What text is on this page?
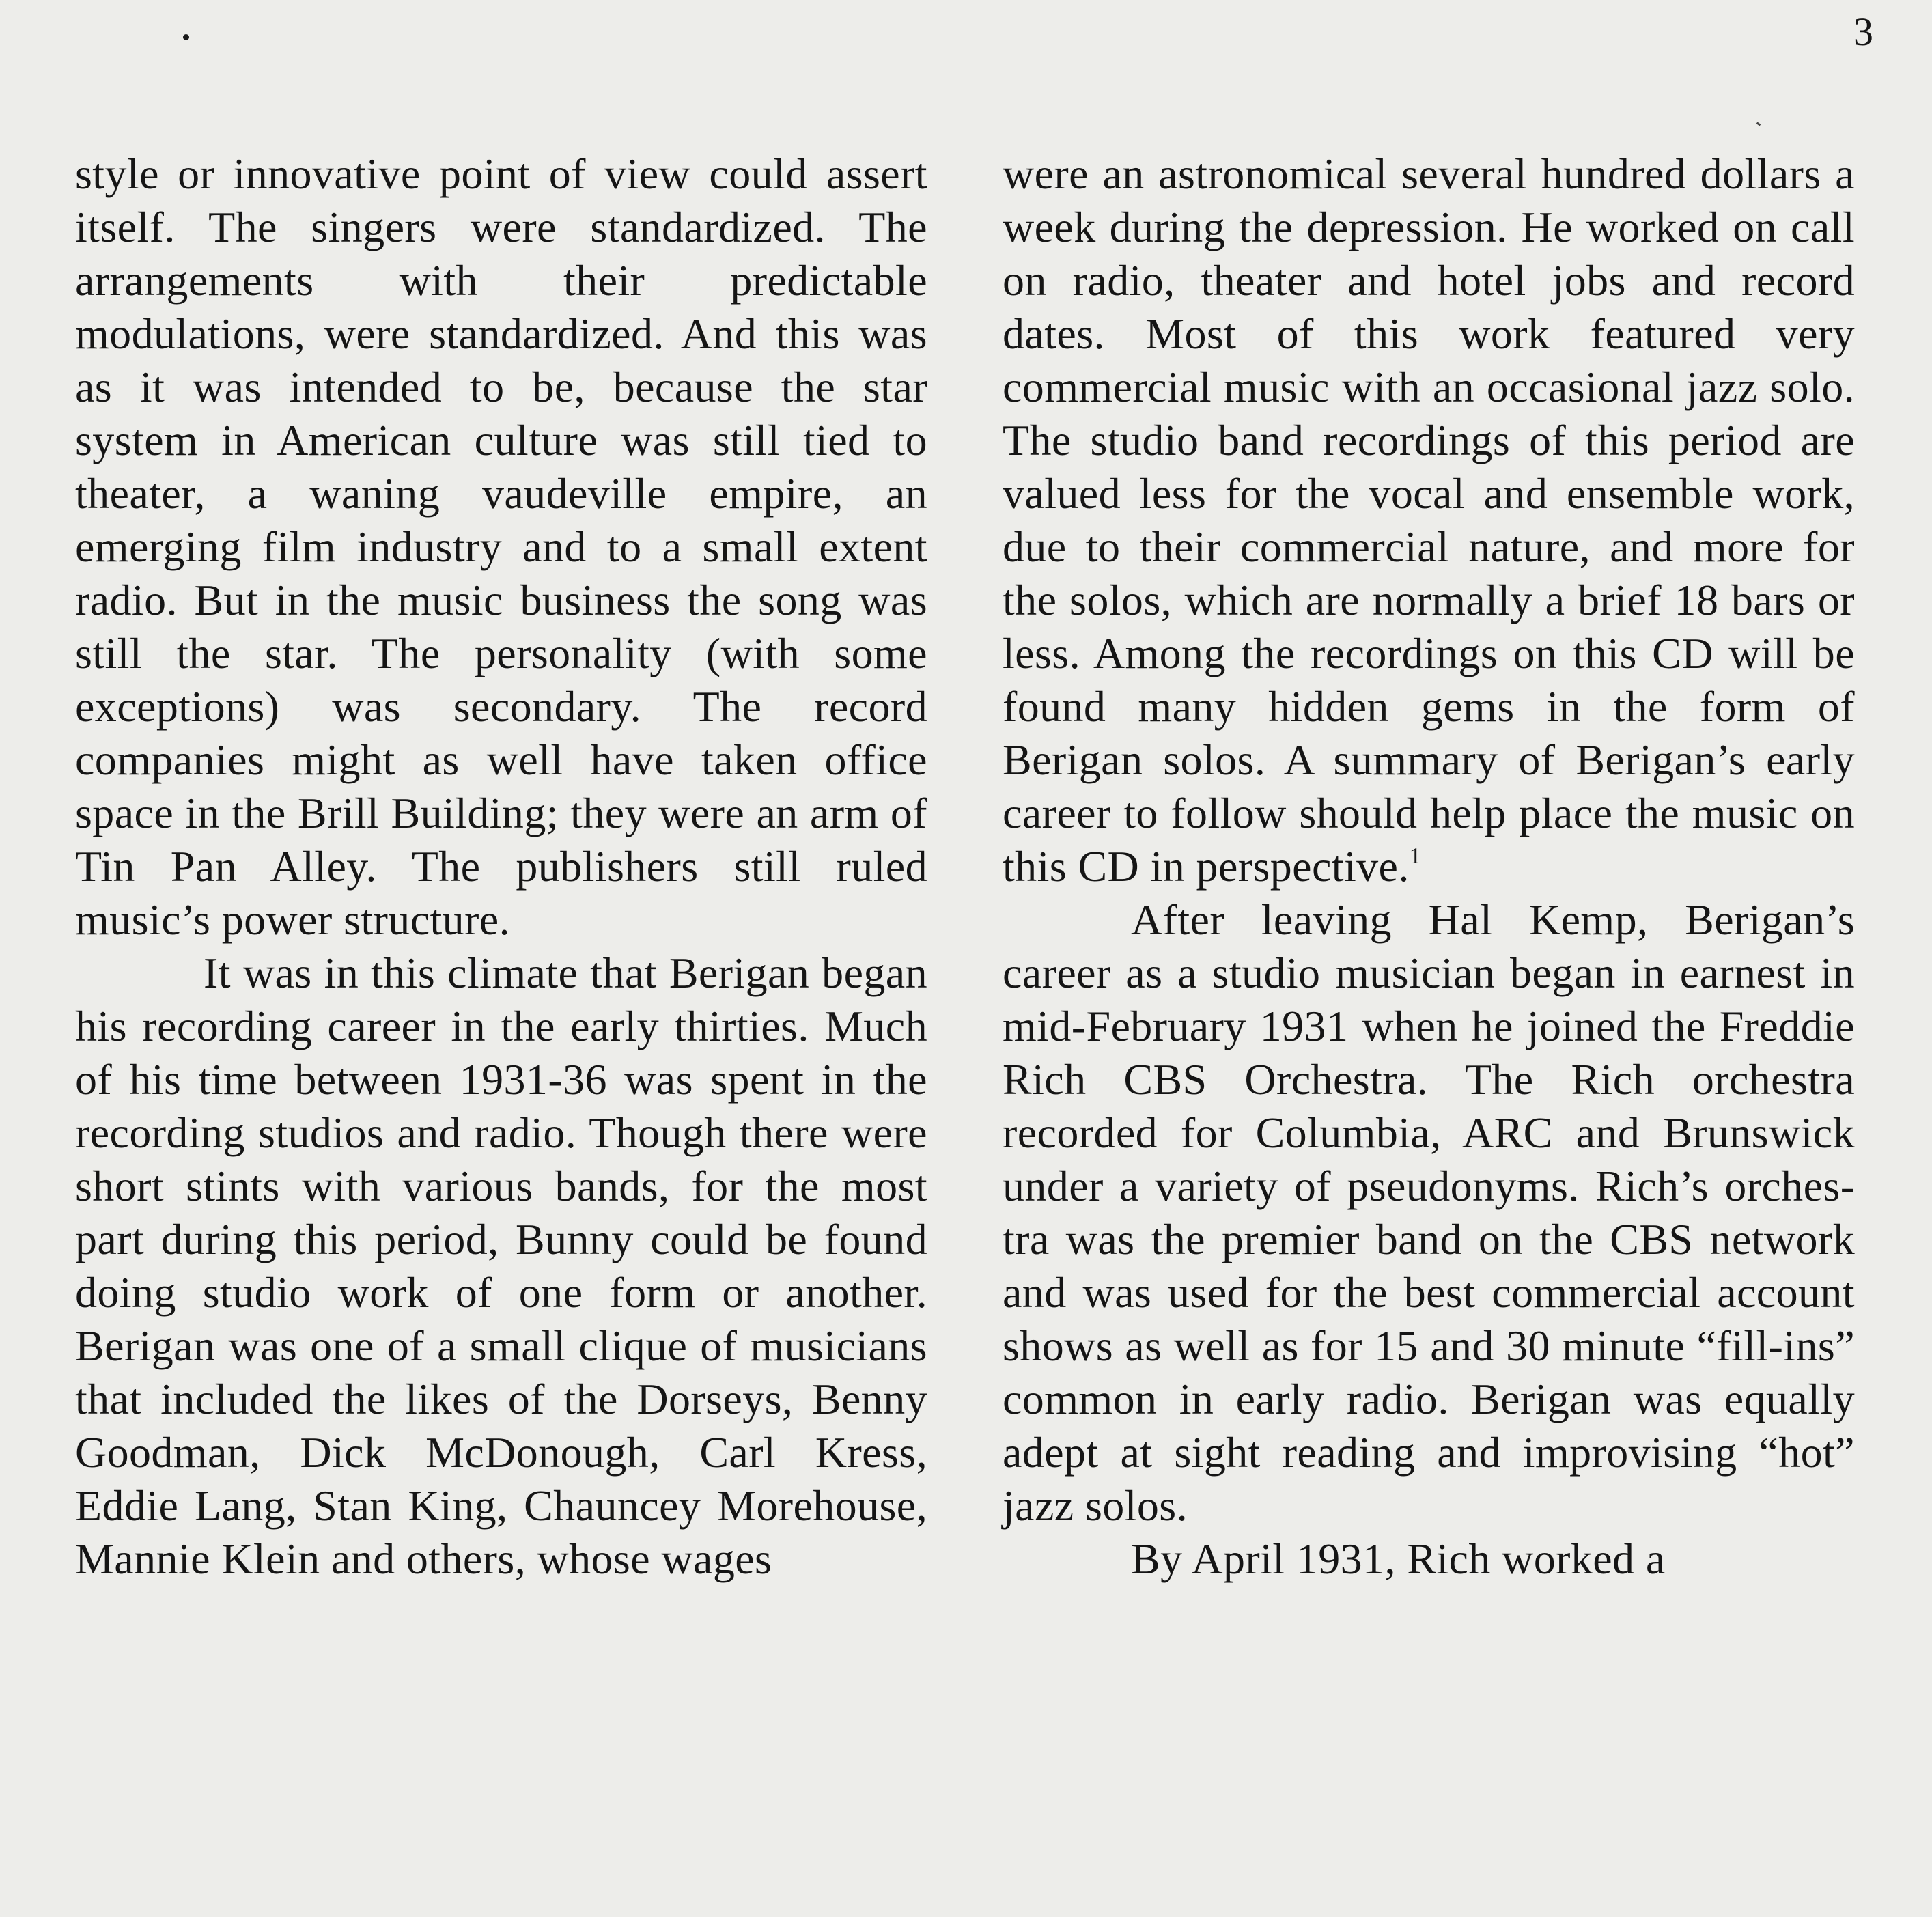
3

style or innovative point of view could assert itself. The singers were standardized. The arrangements with their predictable modulations, were standardized. And this was as it was intended to be, because the star system in American culture was still tied to theater, a waning vaudeville empire, an emerging film industry and to a small extent radio. But in the music business the song was still the star. The personality (with some exceptions) was secondary. The record companies might as well have taken office space in the Brill Building; they were an arm of Tin Pan Alley. The publishers still ruled music’s power structure.

It was in this climate that Berigan began his recording career in the early thirties. Much of his time between 1931-36 was spent in the recording studios and radio. Though there were short stints with various bands, for the most part during this period, Bunny could be found doing studio work of one form or another. Berigan was one of a small clique of musicians that included the likes of the Dorseys, Benny Goodman, Dick McDonough, Carl Kress, Eddie Lang, Stan King, Chauncey Morehouse, Mannie Klein and others, whose wages

were an astronomical several hundred dollars a week during the depression. He worked on call on radio, theater and hotel jobs and record dates. Most of this work featured very commercial music with an occasional jazz solo. The studio band recordings of this period are valued less for the vocal and ensemble work, due to their commercial nature, and more for the solos, which are normally a brief 18 bars or less. Among the recordings on this CD will be found many hidden gems in the form of Berigan solos. A summary of Berigan’s early career to follow should help place the music on this CD in perspective.$^1$

After leaving Hal Kemp, Berigan’s career as a studio musician began in earnest in mid-February 1931 when he joined the Freddie Rich CBS Orchestra. The Rich orchestra recorded for Columbia, ARC and Brunswick under a variety of pseudonyms. Rich’s orchestra was the premier band on the CBS network and was used for the best commercial account shows as well as for 15 and 30 minute “fill-ins” common in early radio. Berigan was equally adept at sight reading and improvising “hot” jazz solos.

By April 1931, Rich worked a
